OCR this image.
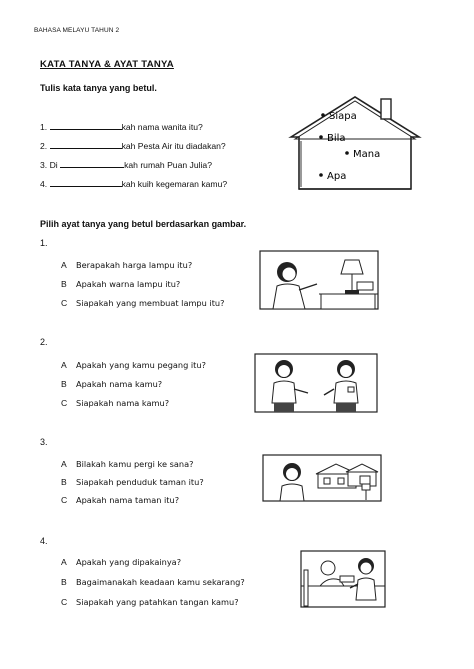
BAHASA MELAYU TAHUN 2
KATA TANYA & AYAT TANYA
Tulis kata tanya yang betul.
1.	kah nama wanita itu?
2.	kah Pesta Air itu diadakan?
3. Di	kah rumah Puan Julia?
4.	kah kuih kegemaran kamu?
Siapa
Bila
Mana
Apa
Pilih ayat tanya yang betul berdasarkan gambar.
1.
A Berapakah harga lampu itu?
B Apakah warna lampu itu?
C Siapakah yang membuat lampu itu?
2.
A Apakah yang kamu pegang itu?
B Apakah nama kamu?
C Siapakah nama kamu?
3.
A Bilakah kamu pergi ke sana?
B Siapakah penduduk taman itu?
C Apakah nama taman itu?
4.
A Apakah yang dipakainya?
B Bagaimanakah keadaan kamu sekarang?
C Siapakah yang patahkan tangan kamu?
